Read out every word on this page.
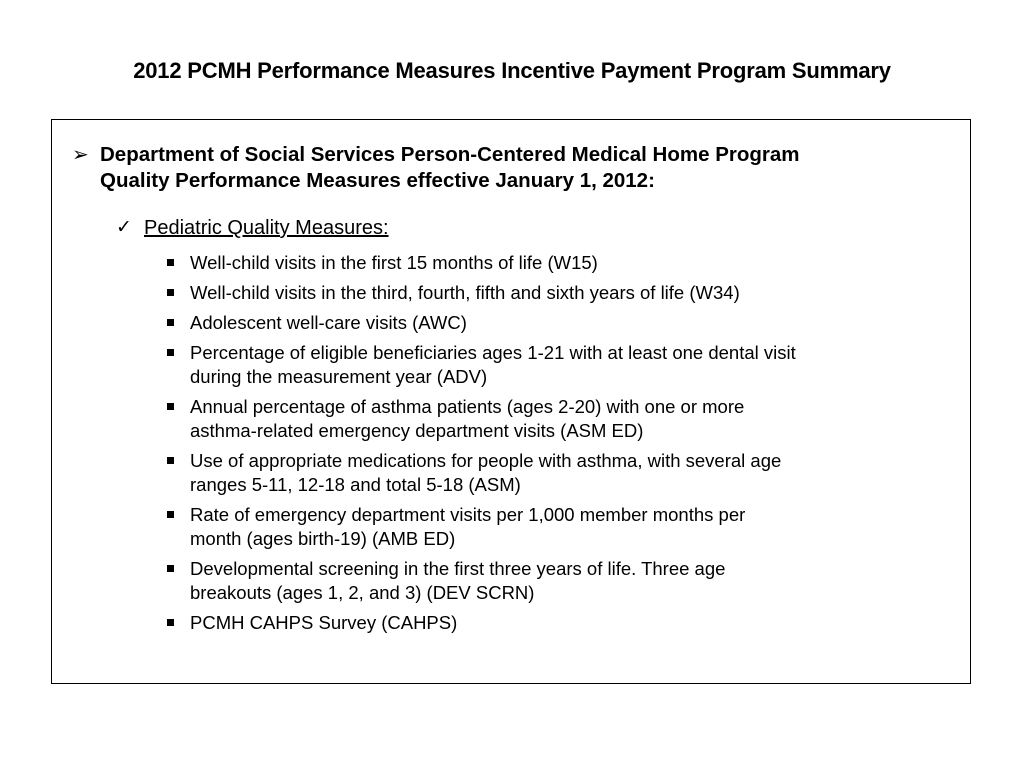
2012 PCMH Performance Measures Incentive Payment Program Summary
➢ Department of Social Services Person-Centered Medical Home Program
Quality Performance Measures effective January 1, 2012:
✓ Pediatric Quality Measures:
Well-child visits in the first 15 months of life (W15)
Well-child visits in the third, fourth, fifth and sixth years of life (W34)
Adolescent well-care visits (AWC)
Percentage of eligible beneficiaries ages 1-21 with at least one dental visit
during the measurement year (ADV)
Annual percentage of asthma patients (ages 2-20) with one or more
asthma-related emergency department visits (ASM ED)
Use of appropriate medications for people with asthma, with several age
ranges 5-11, 12-18 and total 5-18 (ASM)
Rate of emergency department visits per 1,000 member months per
month (ages birth-19) (AMB ED)
Developmental screening in the first three years of life. Three age
breakouts (ages 1, 2, and 3) (DEV SCRN)
PCMH CAHPS Survey (CAHPS)
